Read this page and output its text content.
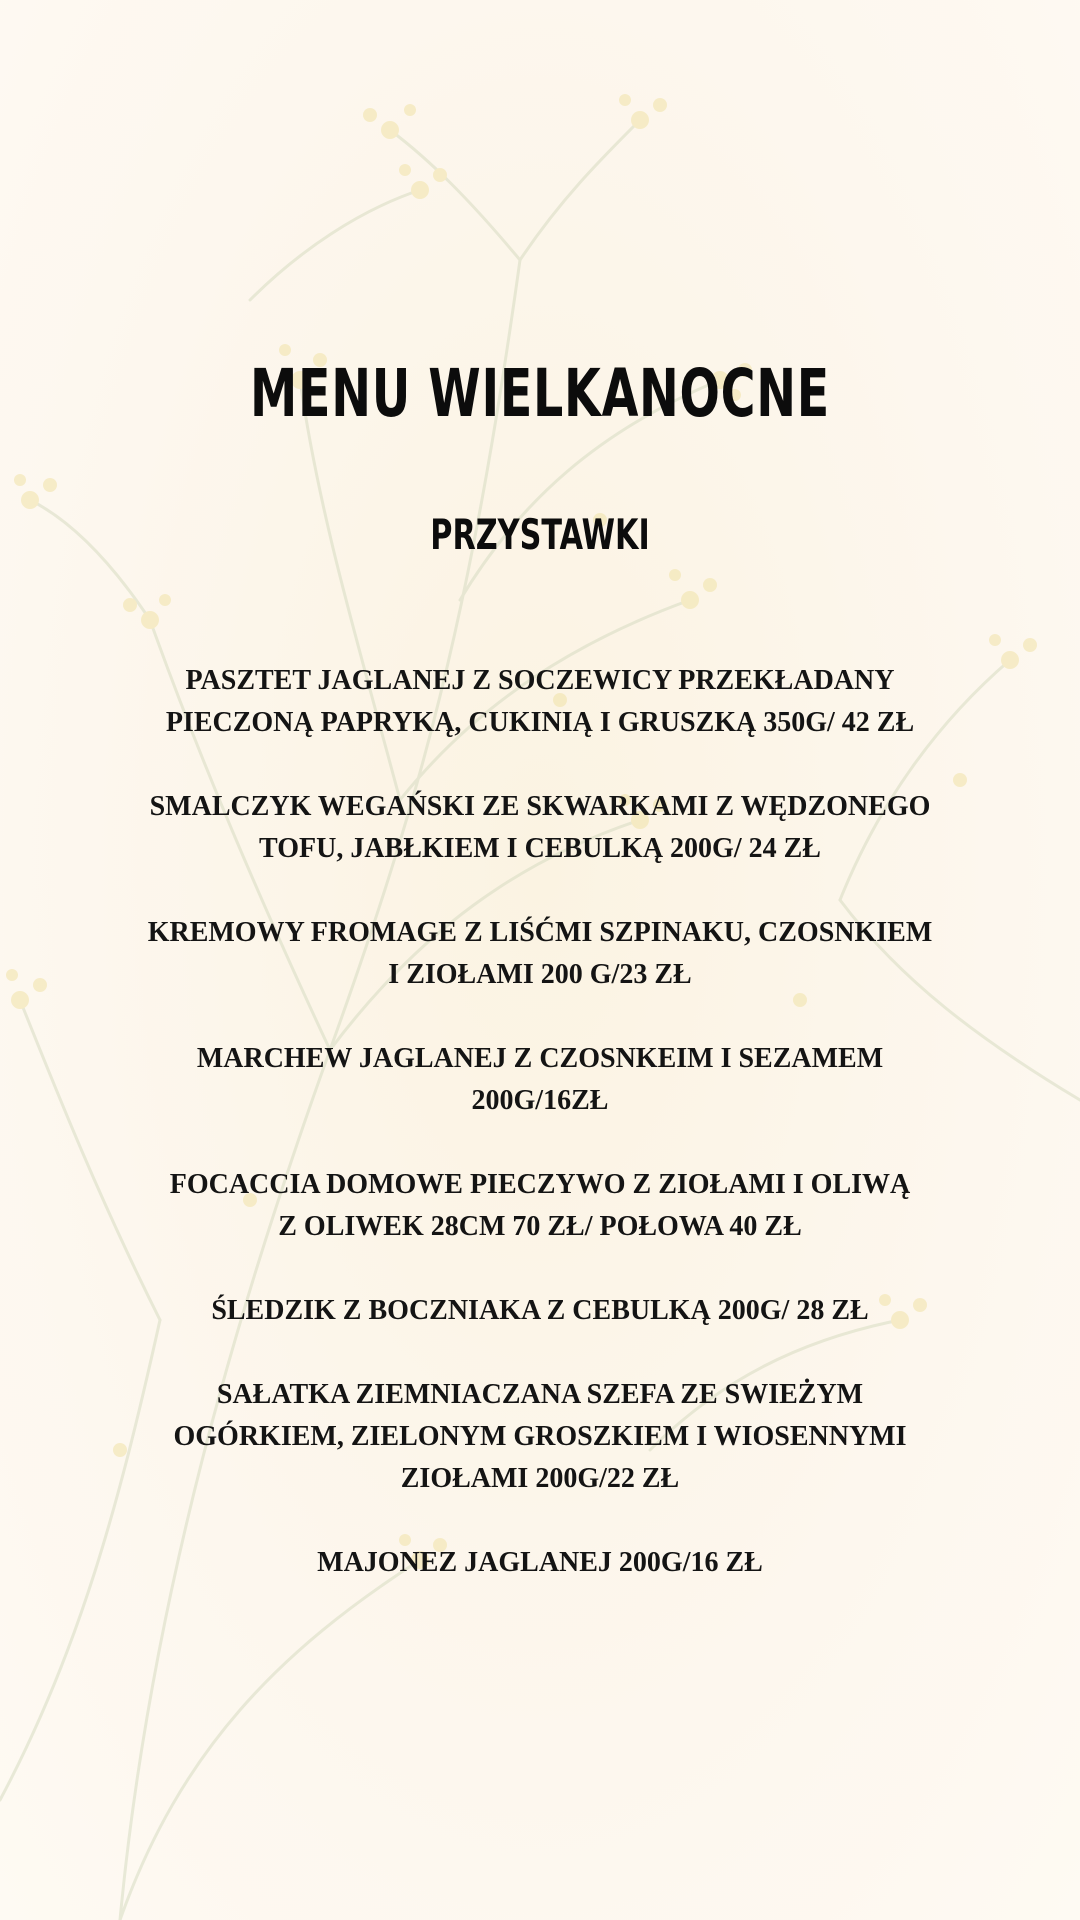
MENU WIELKANOCNE
PRZYSTAWKI
PASZTET JAGLANEJ Z SOCZEWICY PRZEKŁADANY
PIECZONĄ PAPRYKĄ, CUKINIĄ I GRUSZKĄ 350G/ 42 ZŁ
SMALCZYK WEGAŃSKI ZE SKWARKAMI Z WĘDZONEGO
TOFU, JABŁKIEM I CEBULKĄ 200G/ 24 ZŁ
KREMOWY FROMAGE Z LIŚĆMI SZPINAKU, CZOSNKIEM
I ZIOŁAMI 200 G/23 ZŁ
MARCHEW JAGLANEJ Z CZOSNKEIM I SEZAMEM
200G/16ZŁ
FOCACCIA DOMOWE PIECZYWO Z ZIOŁAMI I OLIWĄ
Z OLIWEK 28CM 70 ZŁ/ POŁOWA 40 ZŁ
ŚLEDZIK Z BOCZNIAKA Z CEBULKĄ 200G/ 28 ZŁ
SAŁATKA ZIEMNIACZANA SZEFA ZE SWIEŻYM
OGÓRKIEM, ZIELONYM GROSZKIEM I WIOSENNYMI
ZIOŁAMI 200G/22 ZŁ
MAJONEZ JAGLANEJ 200G/16 ZŁ
